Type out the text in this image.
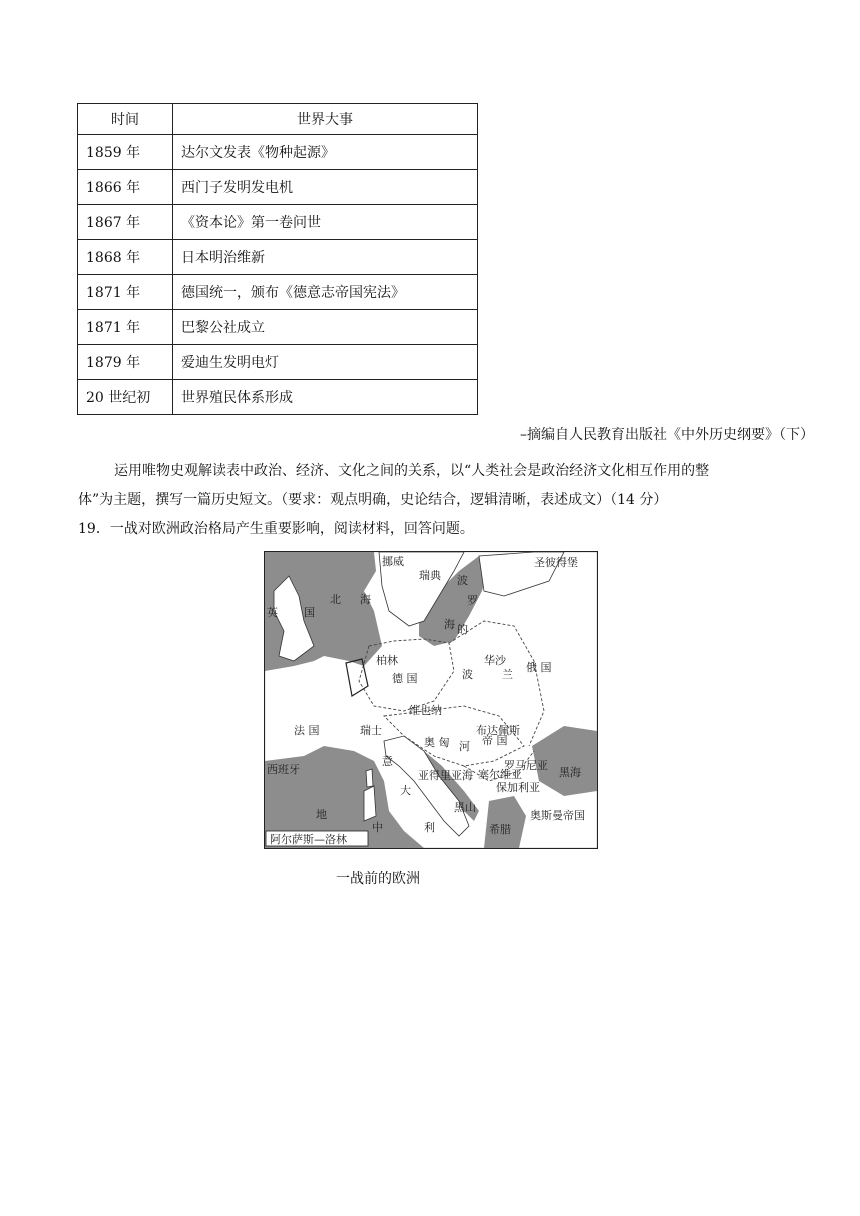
时间	世界大事
1859 年	达尔文发表《物种起源》
1866 年	西门子发明发电机
1867 年	《资本论》第一卷问世
1868 年	日本明治维新
1871 年	德国统一，颁布《德意志帝国宪法》
1871 年	巴黎公社成立
1879 年	爱迪生发明电灯
20 世纪初	世界殖民体系形成
–摘编自人民教育出版社《中外历史纲要》（下）
运用唯物史观解读表中政治、经济、文化之间的关系，以“人类社会是政治经济文化相互作用的整
体”为主题，撰写一篇历史短文。（要求：观点明确，史论结合，逻辑清晰，表述成文）（14 分）
19．一战对欧洲政治格局产生重要影响，阅读材料，回答问题。
挪威
瑞典
圣彼得堡
英 国
北 海
波
罗
的
海
柏林
德 国
华沙
波	兰
俄 国
法 国
维也纳
布达佩斯
瑞士
奥 匈	帝 国
河
意
大
利
罗马尼亚
黑海
塞尔维亚
保加利亚
西班牙
地
中
亚得里亚海
希腊
奥斯曼帝国
黑山
阿尔萨斯—洛林
一战前的欧洲
